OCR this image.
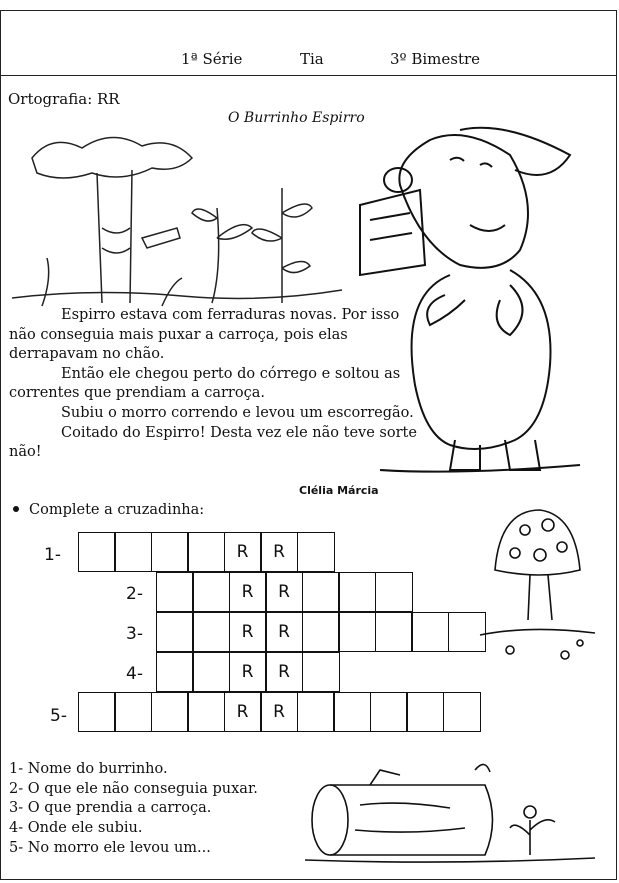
1ª Série	Tia	3º Bimestre
Ortografia: RR
O Burrinho Espirro

Espirro estava com ferraduras novas. Por isso não conseguia mais puxar a carroça, pois elas derrapavam no chão.

Então ele chegou perto do córrego e soltou as correntes que prendiam a carroça.

Subiu o morro correndo e levou um escorregão.

Coitado do Espirro! Desta vez ele não teve sorte não!

Clélia Márcia
Complete a cruzadinha:
1-	R	R
2-	R	R
3-	R	R
4-	R	R
5-	R	R
1- Nome do burrinho.
2- O que ele não conseguia puxar.
3- O que prendia a carroça.
4- Onde ele subiu.
5- No morro ele levou um...
